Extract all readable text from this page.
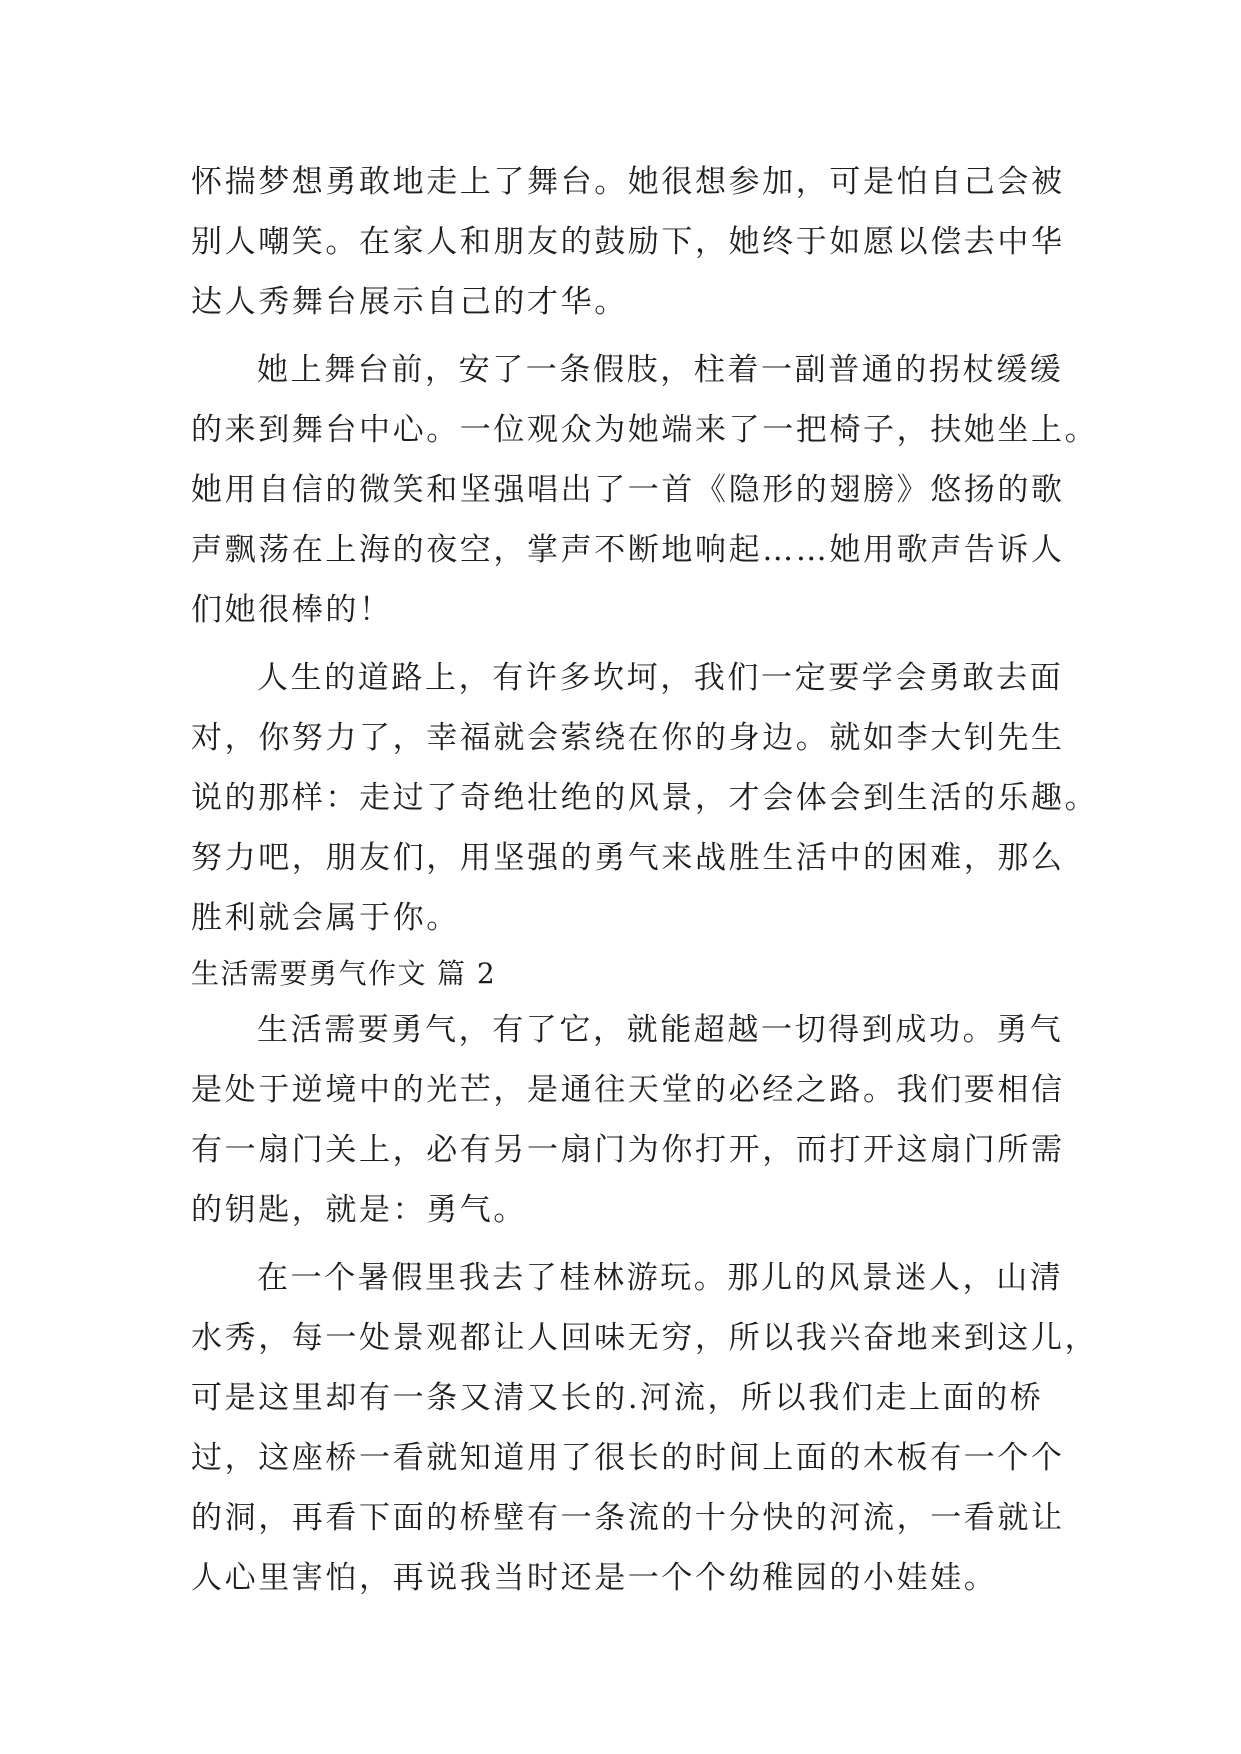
怀揣梦想勇敢地走上了舞台。她很想参加，可是怕自己会被
别人嘲笑。在家人和朋友的鼓励下，她终于如愿以偿去中华
达人秀舞台展示自己的才华。
她上舞台前，安了一条假肢，柱着一副普通的拐杖缓缓
的来到舞台中心。一位观众为她端来了一把椅子，扶她坐上。
她用自信的微笑和坚强唱出了一首《隐形的翅膀》悠扬的歌
声飘荡在上海的夜空，掌声不断地响起……她用歌声告诉人
们她很棒的！
人生的道路上，有许多坎坷，我们一定要学会勇敢去面
对，你努力了，幸福就会萦绕在你的身边。就如李大钊先生
说的那样：走过了奇绝壮绝的风景，才会体会到生活的乐趣。
努力吧，朋友们，用坚强的勇气来战胜生活中的困难，那么
胜利就会属于你。
生活需要勇气作文 篇 2
生活需要勇气，有了它，就能超越一切得到成功。勇气
是处于逆境中的光芒，是通往天堂的必经之路。我们要相信
有一扇门关上，必有另一扇门为你打开，而打开这扇门所需
的钥匙，就是：勇气。
在一个暑假里我去了桂林游玩。那儿的风景迷人，山清
水秀，每一处景观都让人回味无穷，所以我兴奋地来到这儿，
可是这里却有一条又清又长的.河流，所以我们走上面的桥
过，这座桥一看就知道用了很长的时间上面的木板有一个个
的洞，再看下面的桥壁有一条流的十分快的河流，一看就让
人心里害怕，再说我当时还是一个个幼稚园的小娃娃。
